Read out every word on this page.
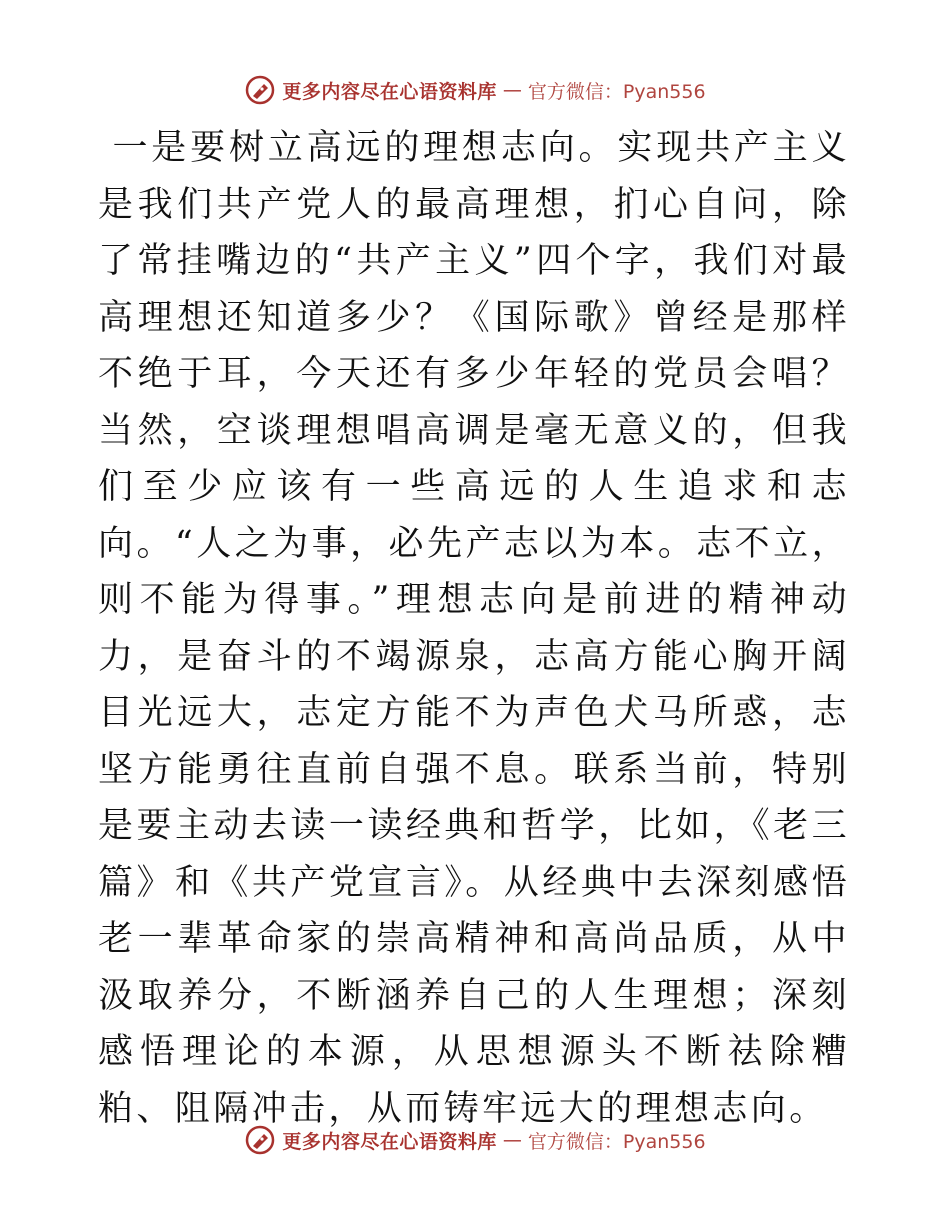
更多内容尽在心语资料库 — 官方微信：Pyan556

一是要树立高远的理想志向。实现共产主义是我们共产党人的最高理想，扪心自问，除了常挂嘴边的“共产主义”四个字，我们对最高理想还知道多少？《国际歌》曾经是那样不绝于耳，今天还有多少年轻的党员会唱？当然，空谈理想唱高调是毫无意义的，但我们至少应该有一些高远的人生追求和志向。“人之为事，必先产志以为本。志不立，则不能为得事。”理想志向是前进的精神动力，是奋斗的不竭源泉，志高方能心胸开阔目光远大，志定方能不为声色犬马所惑，志坚方能勇往直前自强不息。联系当前，特别是要主动去读一读经典和哲学，比如，《老三篇》和《共产党宣言》。从经典中去深刻感悟老一辈革命家的崇高精神和高尚品质，从中汲取养分，不断涵养自己的人生理想；深刻感悟理论的本源，从思想源头不断祛除糟粕、阻隔冲击，从而铸牢远大的理想志向。

更多内容尽在心语资料库 — 官方微信：Pyan556
